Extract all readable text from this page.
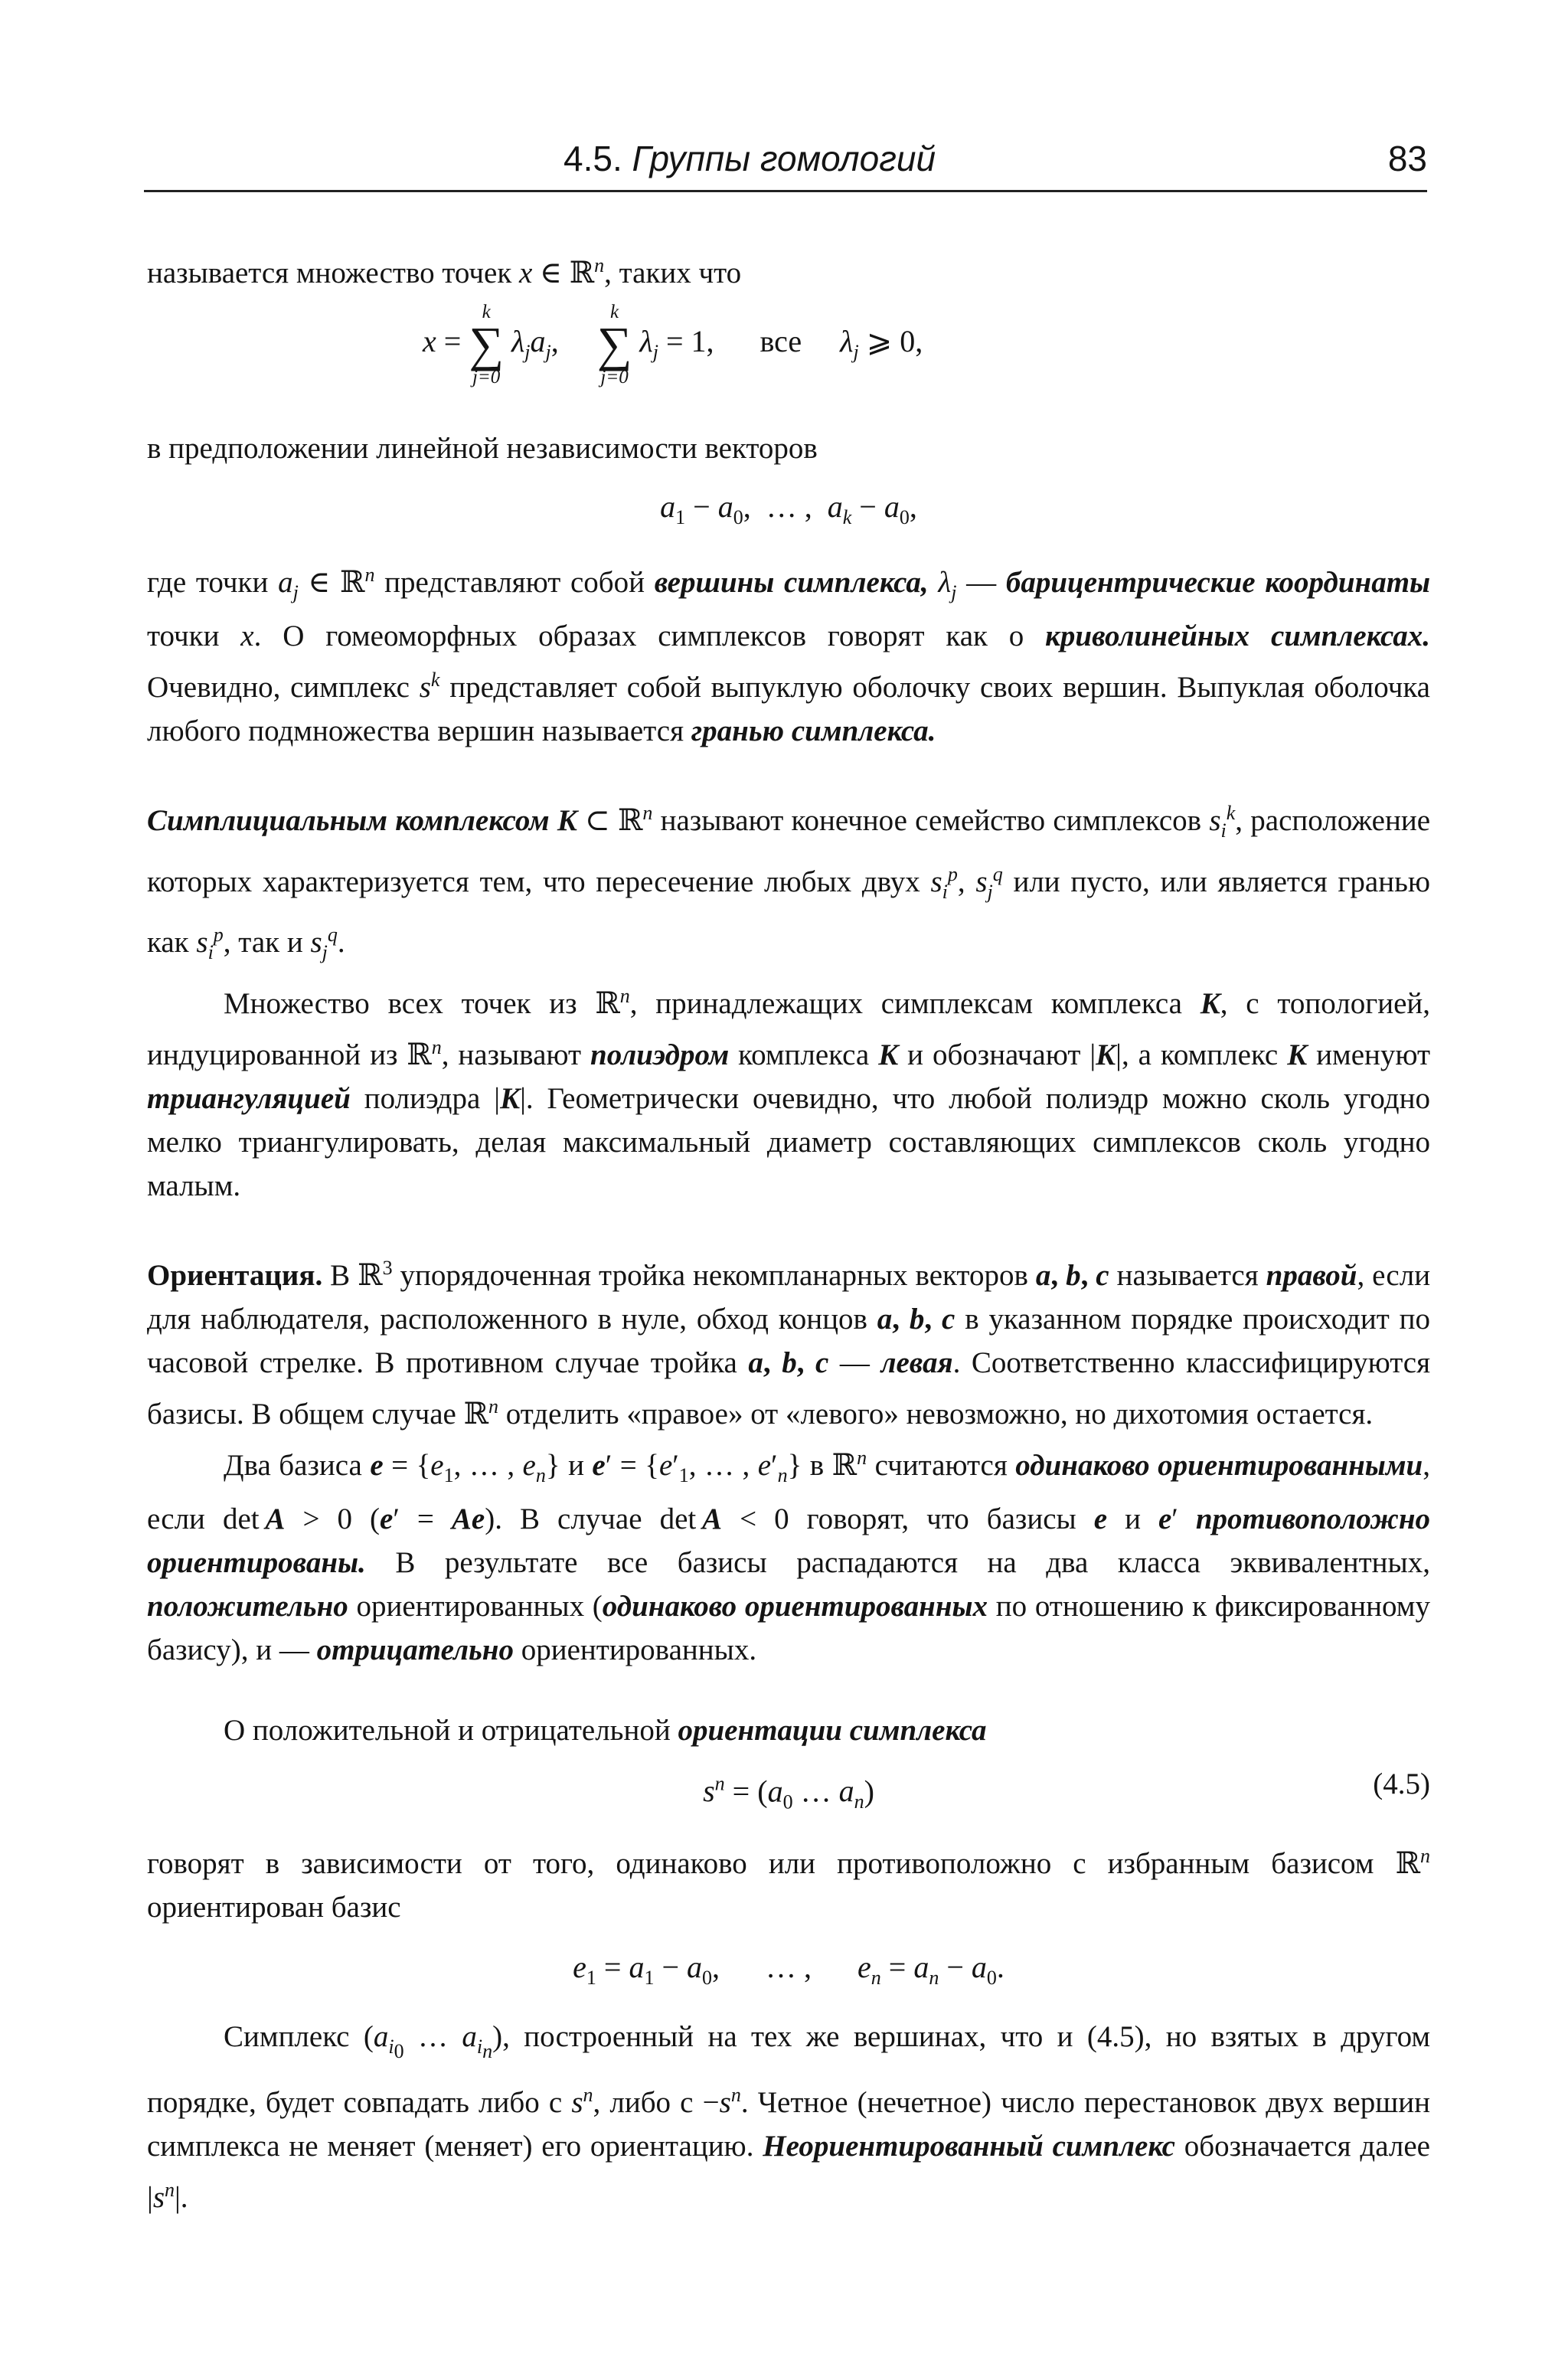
4.5. Группы гомологий	83

называется множество точек x ∈ ℝ$^n$, таких что

x =
k
∑
j=0
$\lambda_ja_j$,
k
∑
j=0
$\lambda_j = 1$,      все $\lambda_j$ ⩾ 0,

в предположении линейной независимости векторов

$a_1 - a_0$,  … ,  $a_k - a_0$,

где точки $a_j$ ∈ ℝ$^n$ представляют собой вершины симплекса, $\lambda_j$ — барицентрические координаты точки x. О гомеоморфных образах симплексов говорят как о криволинейных симплексах. Очевидно, симплекс $s^k$ представляет собой выпуклую оболочку своих вершин. Выпуклая оболочка любого подмножества вершин называется гранью симплекса.

Симплициальным комплексом K ⊂ ℝ$^n$ называют конечное семейство симплексов $s_i^k$, расположение которых характеризуется тем, что пересечение любых двух $s_i^p$, $s_j^q$ или пусто, или является гранью как $s_i^p$, так и $s_j^q$.

Множество всех точек из ℝ$^n$, принадлежащих симплексам комплекса K, с топологией, индуцированной из ℝ$^n$, называют полиэдром комплекса K и обозначают |K|, а комплекс K именуют триангуляцией полиэдра |K|. Геометрически очевидно, что любой полиэдр можно сколь угодно мелко триангулировать, делая максимальный диаметр составляющих симплексов сколь угодно малым.

Ориентация. В ℝ$^3$ упорядоченная тройка некомпланарных векторов a, b, c называется правой, если для наблюдателя, расположенного в нуле, обход концов a, b, c в указанном порядке происходит по часовой стрелке. В противном случае тройка a, b, c — левая. Соответственно классифицируются базисы. В общем случае ℝ$^n$ отделить «правое» от «левого» невозможно, но дихотомия остается.

Два базиса $e = \{e_1$, … , $e_n$} и $e' = \{e'_1$, … , $e'_n$} в ℝ$^n$ считаются одинаково ориентированными, если det A > 0 (e′ = Ae). В случае det A < 0 говорят, что базисы e и e′ противоположно ориентированы. В результате все базисы распадаются на два класса эквивалентных, положительно ориентированных (одинаково ориентированных по отношению к фиксированному базису), и — отрицательно ориентированных.

О положительной и отрицательной ориентации симплекса

$s^n = (a_0$ … $a_n$)	(4.5)

говорят в зависимости от того, одинаково или противоположно с избранным базисом ℝ$^n$ ориентирован базис

$e_1 = a_1 - a_0$,      … ,      $e_n = a_n - a_0$.

Симплекс ($a_{i_0}$ … $a_{i_n}$), построенный на тех же вершинах, что и (4.5), но взятых в другом порядке, будет совпадать либо с $s^n$, либо $с -s^n$. Четное (нечетное) число перестановок двух вершин симплекса не меняет (меняет) его ориентацию. Неориентированный симплекс обозначается далее $|s^n|$.
